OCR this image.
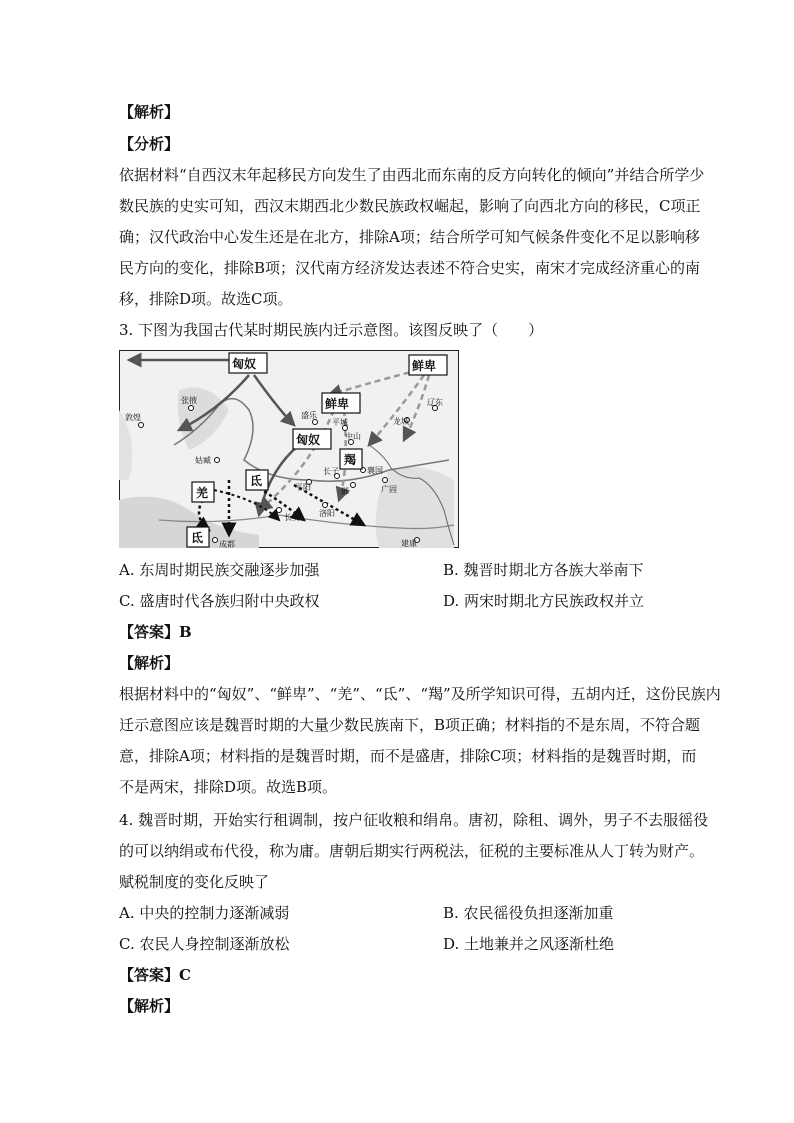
【解析】
【分析】
依据材料“自西汉末年起移民方向发生了由西北而东南的反方向转化的倾向”并结合所学少
数民族的史实可知，西汉末期西北少数民族政权崛起，影响了向西北方向的移民，C项正
确；汉代政治中心发生还是在北方，排除A项；结合所学可知气候条件变化不足以影响移
民方向的变化，排除B项；汉代南方经济发达表述不符合史实，南宋才完成经济重心的南
移，排除D项。故选C项。
3. 下图为我国古代某时期民族内迁示意图。该图反映了（　　）
敦煌
张掖
姑臧
盛乐
平城
中山
龙城
辽东
襄国
邺
长子
平阳	广固
长安 洛阳
成都	建康
匈奴	鲜卑
鲜卑
匈奴
羯
羌
氐
氐
A. 东周时期民族交融逐步加强	B. 魏晋时期北方各族大举南下
C. 盛唐时代各族归附中央政权	D. 两宋时期北方民族政权并立
【答案】B
【解析】
根据材料中的“匈奴”、“鲜卑”、“羌”、“氐”、“羯”及所学知识可得，五胡内迁，这份民族内
迁示意图应该是魏晋时期的大量少数民族南下，B项正确；材料指的不是东周，不符合题
意，排除A项；材料指的是魏晋时期，而不是盛唐，排除C项；材料指的是魏晋时期，而
不是两宋，排除D项。故选B项。
4. 魏晋时期，开始实行租调制，按户征收粮和绢帛。唐初，除租、调外，男子不去服徭役
的可以纳绢或布代役，称为庸。唐朝后期实行两税法，征税的主要标准从人丁转为财产。
赋税制度的变化反映了
A. 中央的控制力逐渐减弱	B. 农民徭役负担逐渐加重
C. 农民人身控制逐渐放松	D. 土地兼并之风逐渐杜绝
【答案】C
【解析】
